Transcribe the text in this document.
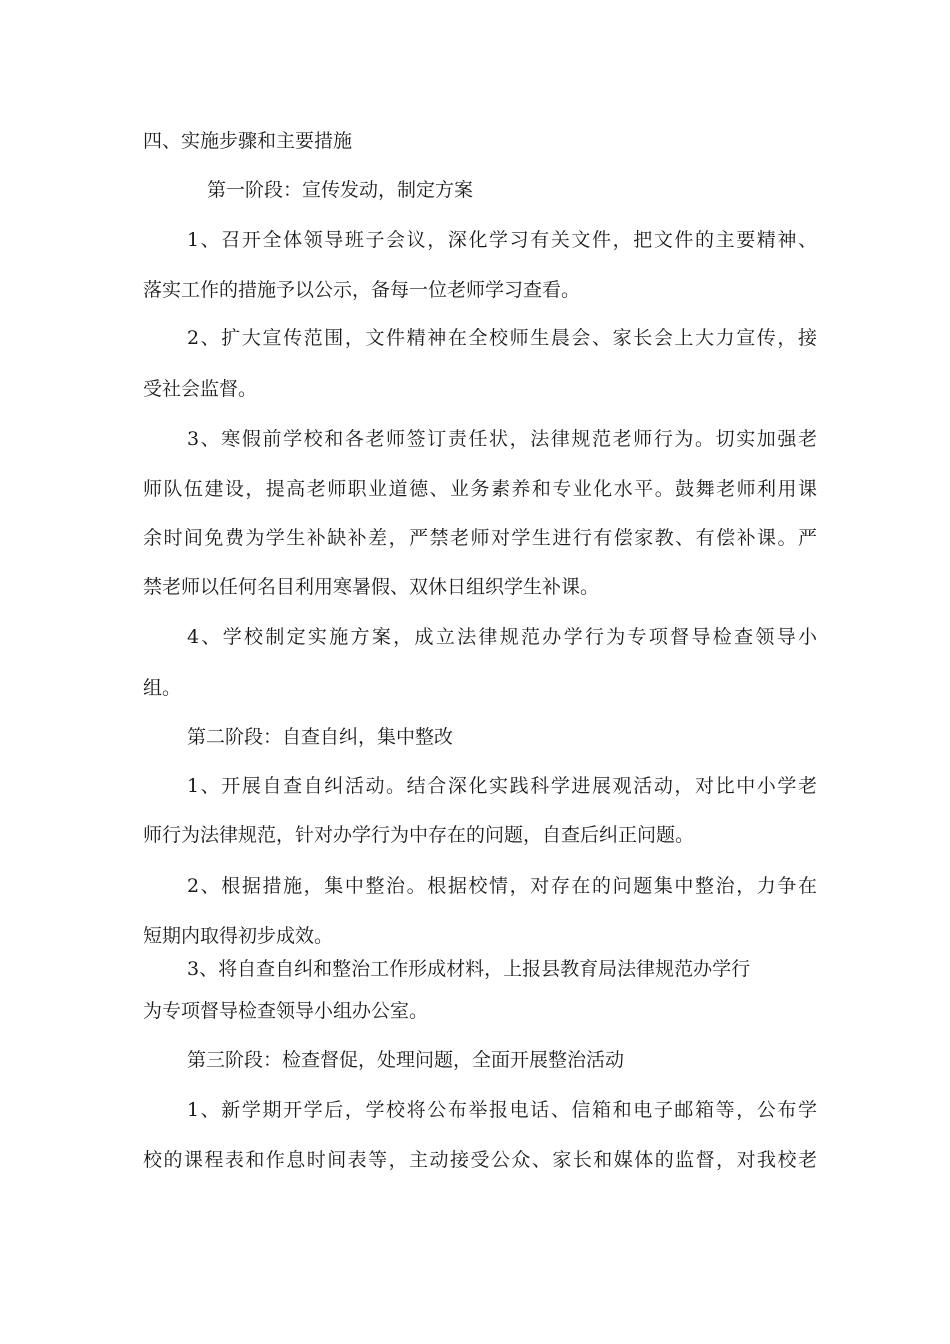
四、实施步骤和主要措施
第一阶段：宣传发动，制定方案
1、召开全体领导班子会议，深化学习有关文件，把文件的主要精神、
落实工作的措施予以公示，备每一位老师学习查看。
2、扩大宣传范围，文件精神在全校师生晨会、家长会上大力宣传，接
受社会监督。
3、寒假前学校和各老师签订责任状，法律规范老师行为。切实加强老
师队伍建设，提高老师职业道德、业务素养和专业化水平。鼓舞老师利用课
余时间免费为学生补缺补差，严禁老师对学生进行有偿家教、有偿补课。严
禁老师以任何名目利用寒暑假、双休日组织学生补课。
4、学校制定实施方案，成立法律规范办学行为专项督导检查领导小
组。
第二阶段：自查自纠，集中整改
1、开展自查自纠活动。结合深化实践科学进展观活动，对比中小学老
师行为法律规范，针对办学行为中存在的问题，自查后纠正问题。
2、根据措施，集中整治。根据校情，对存在的问题集中整治，力争在
短期内取得初步成效。
3、将自查自纠和整治工作形成材料，上报县教育局法律规范办学行
为专项督导检查领导小组办公室。
第三阶段：检查督促，处理问题，全面开展整治活动
1、新学期开学后，学校将公布举报电话、信箱和电子邮箱等，公布学
校的课程表和作息时间表等，主动接受公众、家长和媒体的监督，对我校老
